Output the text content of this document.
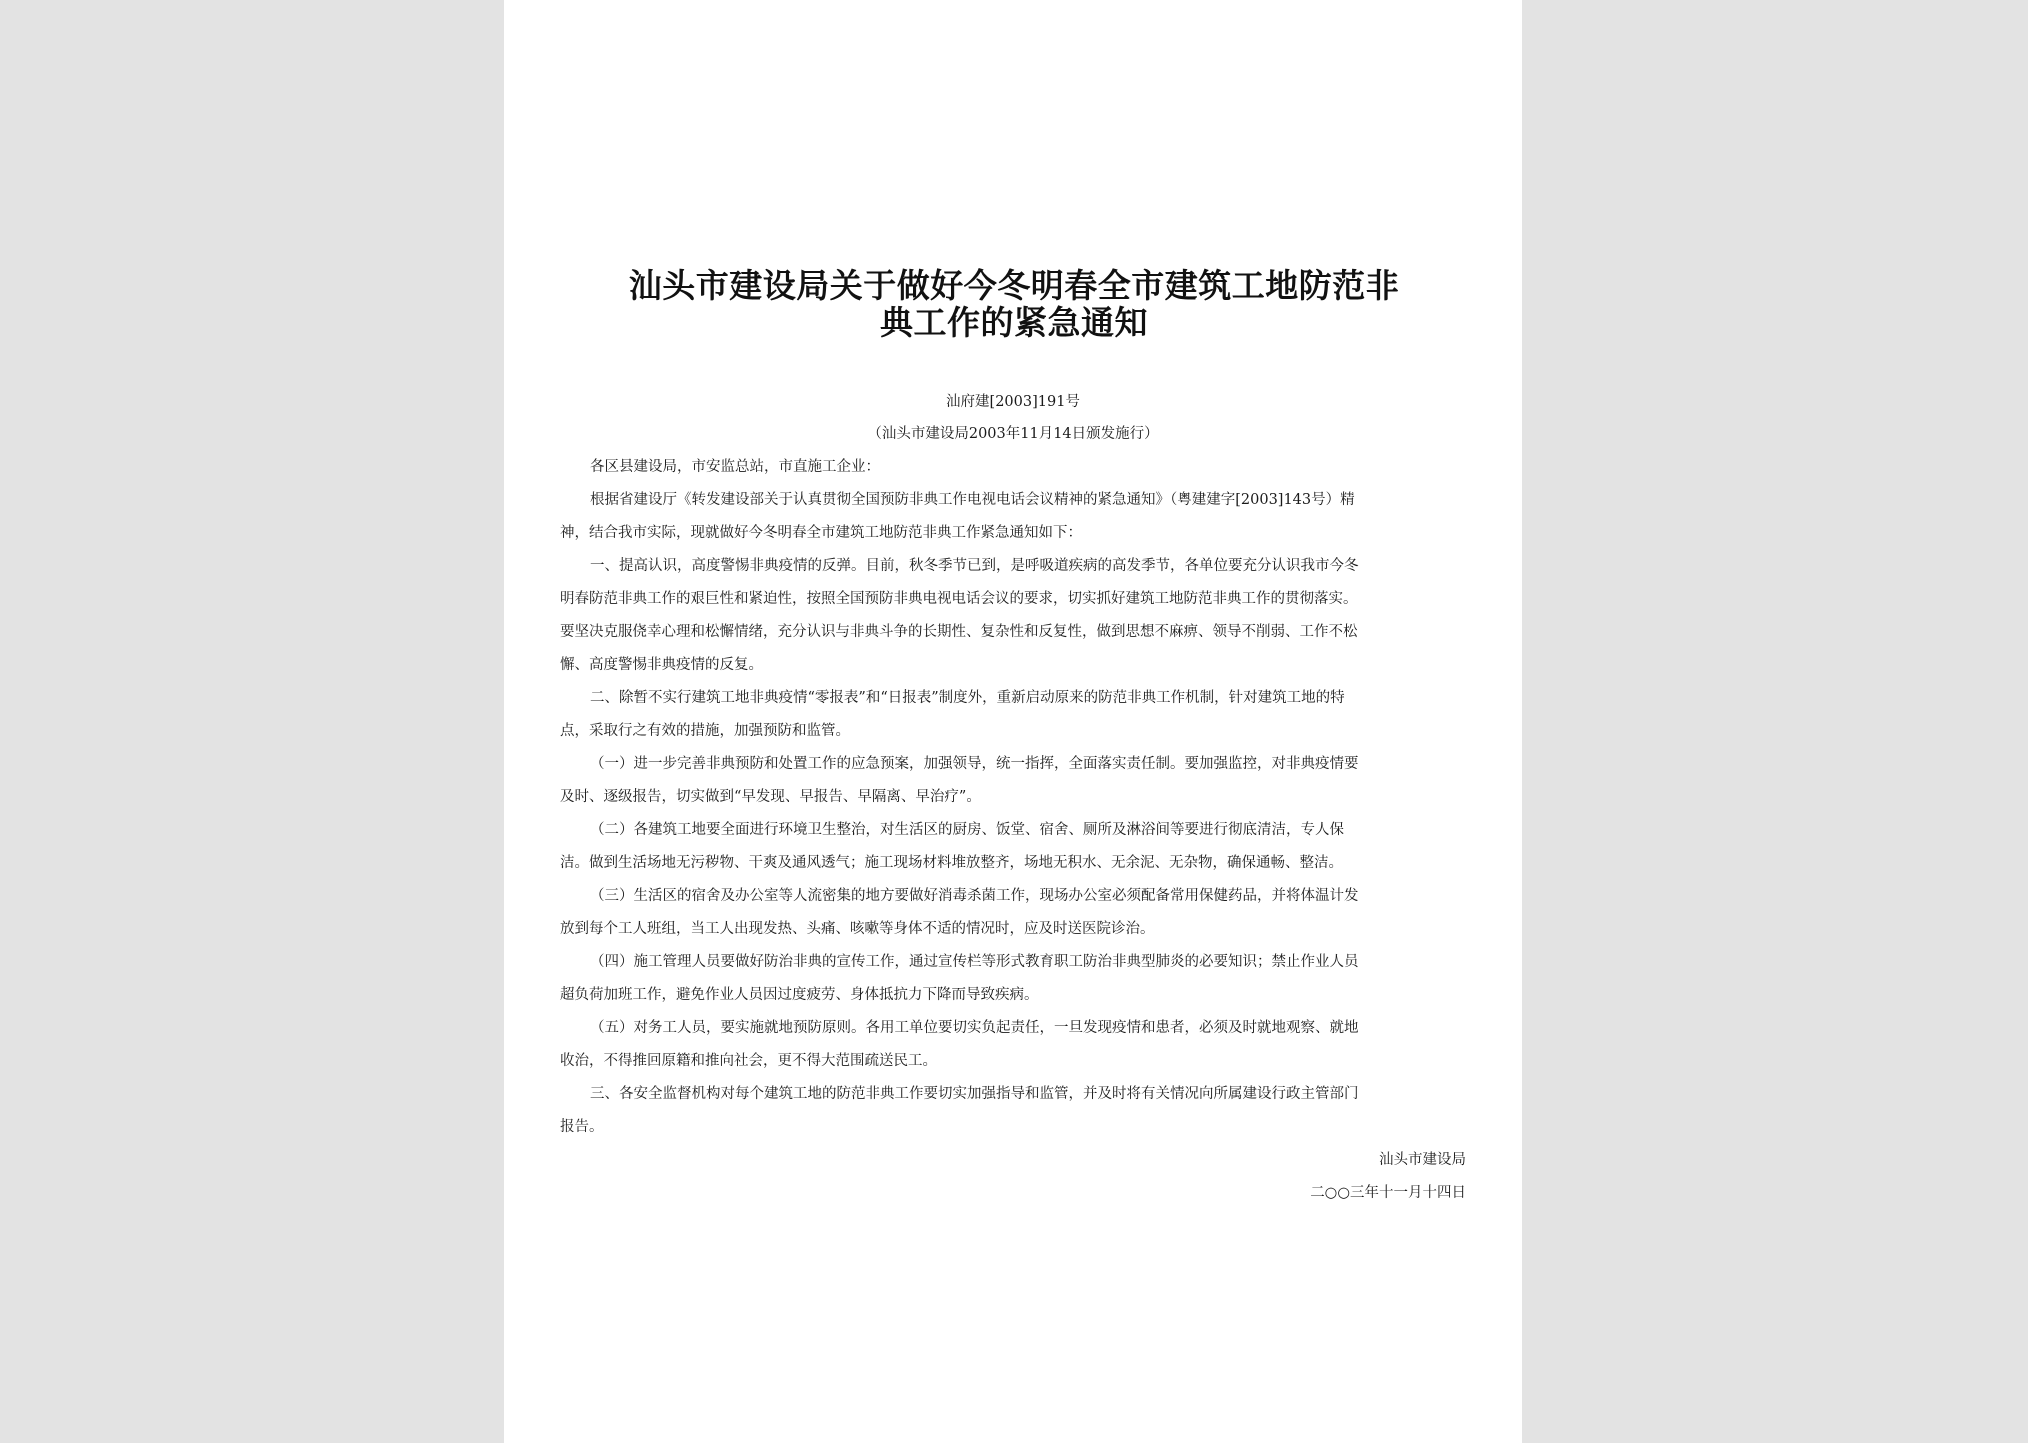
汕头市建设局关于做好今冬明春全市建筑工地防范非
典工作的紧急通知
汕府建[2003]191号
（汕头市建设局2003年11月14日颁发施行）
各区县建设局，市安监总站，市直施工企业：
根据省建设厅《转发建设部关于认真贯彻全国预防非典工作电视电话会议精神的紧急通知》（粤建建字[2003]143号）精
神，结合我市实际，现就做好今冬明春全市建筑工地防范非典工作紧急通知如下：
一、提高认识，高度警惕非典疫情的反弹。目前，秋冬季节已到，是呼吸道疾病的高发季节，各单位要充分认识我市今冬
明春防范非典工作的艰巨性和紧迫性，按照全国预防非典电视电话会议的要求，切实抓好建筑工地防范非典工作的贯彻落实。
要坚决克服侥幸心理和松懈情绪，充分认识与非典斗争的长期性、复杂性和反复性，做到思想不麻痹、领导不削弱、工作不松
懈、高度警惕非典疫情的反复。
二、除暂不实行建筑工地非典疫情“零报表”和“日报表”制度外，重新启动原来的防范非典工作机制，针对建筑工地的特
点，采取行之有效的措施，加强预防和监管。
（一）进一步完善非典预防和处置工作的应急预案，加强领导，统一指挥，全面落实责任制。要加强监控，对非典疫情要
及时、逐级报告，切实做到“早发现、早报告、早隔离、早治疗”。
（二）各建筑工地要全面进行环境卫生整治，对生活区的厨房、饭堂、宿舍、厕所及淋浴间等要进行彻底清洁，专人保
洁。做到生活场地无污秽物、干爽及通风透气；施工现场材料堆放整齐，场地无积水、无余泥、无杂物，确保通畅、整洁。
（三）生活区的宿舍及办公室等人流密集的地方要做好消毒杀菌工作，现场办公室必须配备常用保健药品，并将体温计发
放到每个工人班组，当工人出现发热、头痛、咳嗽等身体不适的情况时，应及时送医院诊治。
（四）施工管理人员要做好防治非典的宣传工作，通过宣传栏等形式教育职工防治非典型肺炎的必要知识；禁止作业人员
超负荷加班工作，避免作业人员因过度疲劳、身体抵抗力下降而导致疾病。
（五）对务工人员，要实施就地预防原则。各用工单位要切实负起责任，一旦发现疫情和患者，必须及时就地观察、就地
收治，不得推回原籍和推向社会，更不得大范围疏送民工。
三、各安全监督机构对每个建筑工地的防范非典工作要切实加强指导和监管，并及时将有关情况向所属建设行政主管部门
报告。
汕头市建设局
二○○三年十一月十四日
